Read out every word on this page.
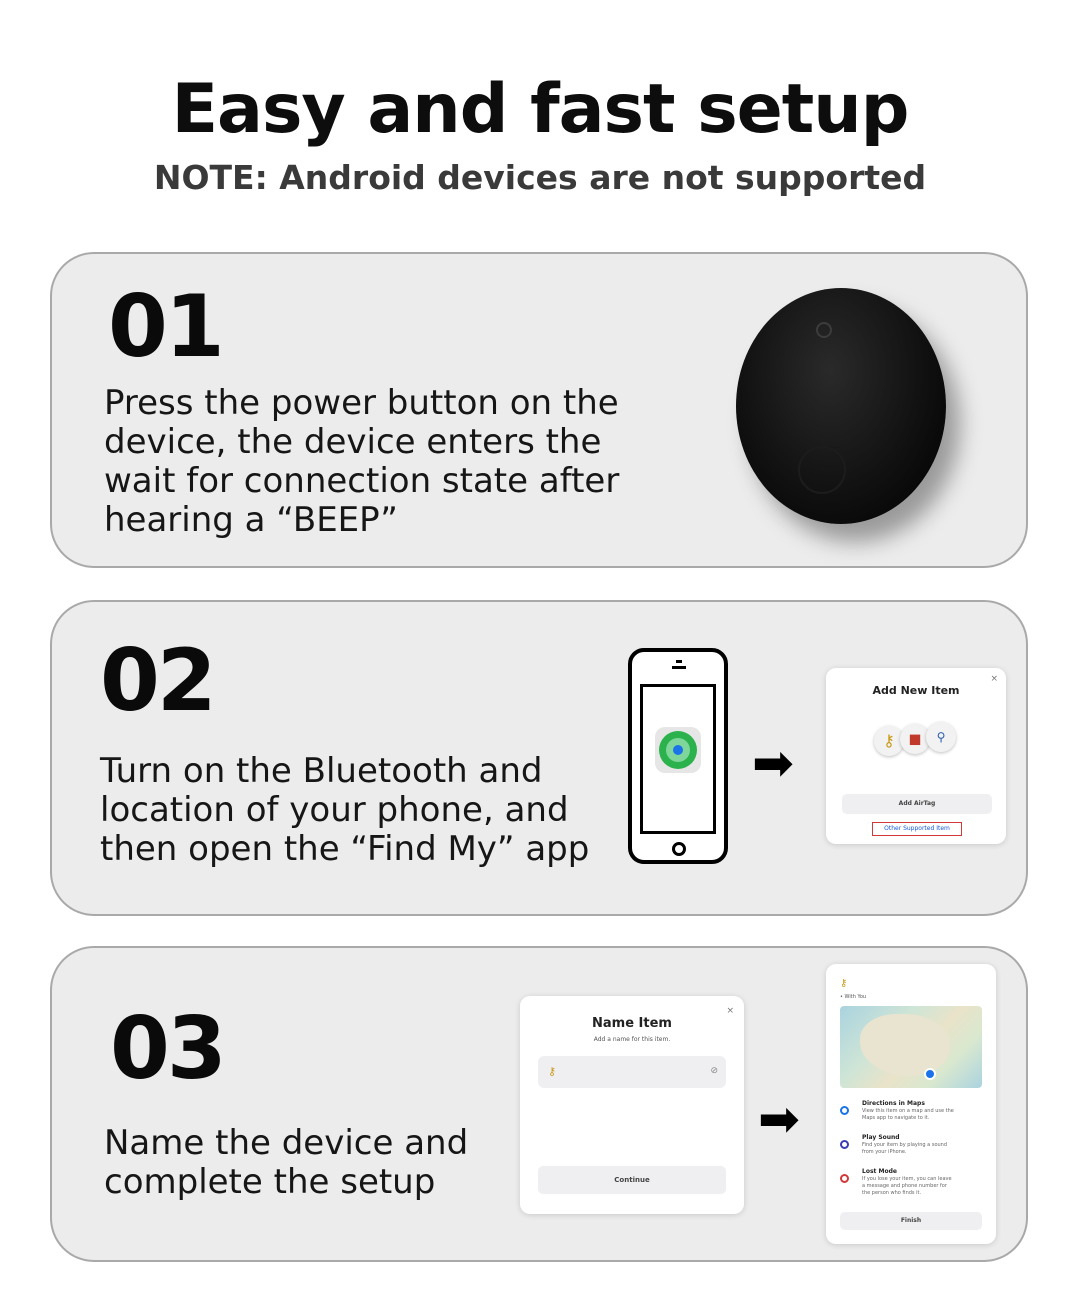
Easy and fast setup
NOTE: Android devices are not supported
01
Press the power button on the
device, the device enters the
wait for connection state after
hearing a “BEEP”
02
Turn on the Bluetooth and
location of your phone, and
then open the “Find My” app
➡
×
Add New Item
⚷ ◼	⚲
Add AirTag
Other Supported Item
03
Name the device and
complete the setup
×
Name Item
Add a name for this item.
⚷	⊘
Continue
➡
⚷
• With You
Directions in Maps
View this item on a map and use the
Maps app to navigate to it.
Play Sound
Find your item by playing a sound
from your iPhone.
Lost Mode
If you lose your item, you can leave
a message and phone number for
the person who finds it.
Finish
